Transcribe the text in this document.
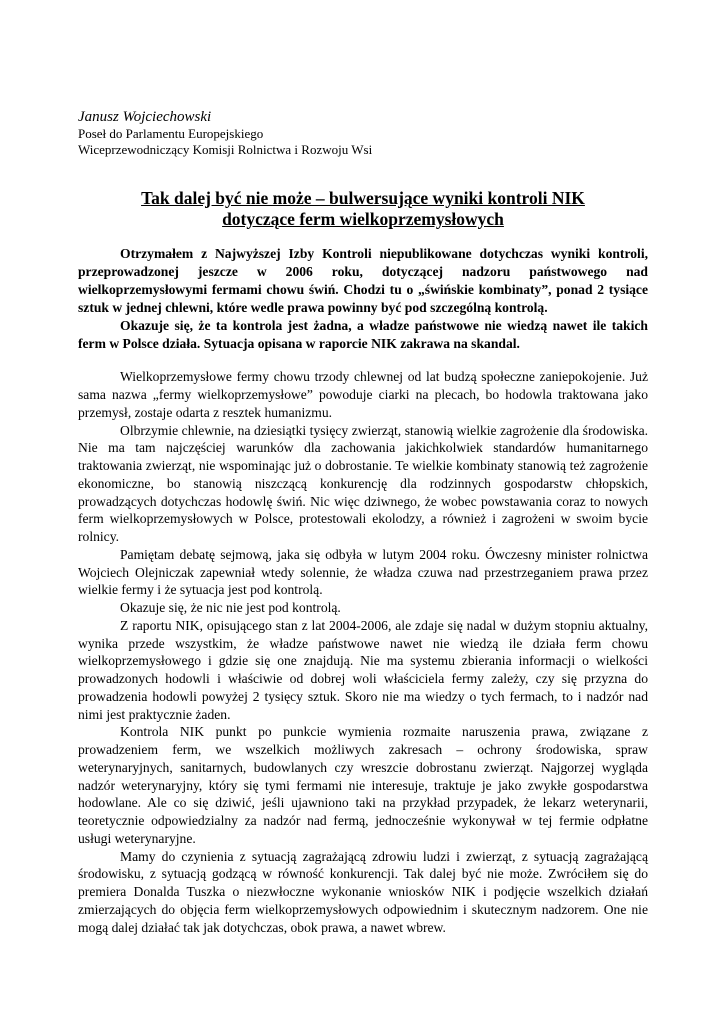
Janusz Wojciechowski
Poseł do Parlamentu Europejskiego
Wiceprzewodniczący Komisji Rolnictwa i Rozwoju Wsi
Tak dalej być nie może – bulwersujące wyniki kontroli NIK
dotyczące ferm wielkoprzemysłowych

Otrzymałem z Najwyższej Izby Kontroli niepublikowane dotychczas wyniki kontroli, przeprowadzonej jeszcze w 2006 roku, dotyczącej nadzoru państwowego nad wielkoprzemysłowymi fermami chowu świń. Chodzi tu o „świńskie kombinaty”, ponad 2 tysiące sztuk w jednej chlewni, które wedle prawa powinny być pod szczególną kontrolą.

Okazuje się, że ta kontrola jest żadna, a władze państwowe nie wiedzą nawet ile takich ferm w Polsce działa. Sytuacja opisana w raporcie NIK zakrawa na skandal.

Wielkoprzemysłowe fermy chowu trzody chlewnej od lat budzą społeczne zaniepokojenie. Już sama nazwa „fermy wielkoprzemysłowe” powoduje ciarki na plecach, bo hodowla traktowana jako przemysł, zostaje odarta z resztek humanizmu.

Olbrzymie chlewnie, na dziesiątki tysięcy zwierząt, stanowią wielkie zagrożenie dla środowiska. Nie ma tam najczęściej warunków dla zachowania jakichkolwiek standardów humanitarnego traktowania zwierząt, nie wspominając już o dobrostanie. Te wielkie kombinaty stanowią też zagrożenie ekonomiczne, bo stanowią niszczącą konkurencję dla rodzinnych gospodarstw chłopskich, prowadzących dotychczas hodowlę świń. Nic więc dziwnego, że wobec powstawania coraz to nowych ferm wielkoprzemysłowych w Polsce, protestowali ekolodzy, a również i zagrożeni w swoim bycie rolnicy.

Pamiętam debatę sejmową, jaka się odbyła w lutym 2004 roku. Ówczesny minister rolnictwa Wojciech Olejniczak zapewniał wtedy solennie, że władza czuwa nad przestrzeganiem prawa przez wielkie fermy i że sytuacja jest pod kontrolą.

Okazuje się, że nic nie jest pod kontrolą.

Z raportu NIK, opisującego stan z lat 2004-2006, ale zdaje się nadal w dużym stopniu aktualny, wynika przede wszystkim, że władze państwowe nawet nie wiedzą ile działa ferm chowu wielkoprzemysłowego i gdzie się one znajdują. Nie ma systemu zbierania informacji o wielkości prowadzonych hodowli i właściwie od dobrej woli właściciela fermy zależy, czy się przyzna do prowadzenia hodowli powyżej 2 tysięcy sztuk. Skoro nie ma wiedzy o tych fermach, to i nadzór nad nimi jest praktycznie żaden.

Kontrola NIK punkt po punkcie wymienia rozmaite naruszenia prawa, związane z prowadzeniem ferm, we wszelkich możliwych zakresach – ochrony środowiska, spraw weterynaryjnych, sanitarnych, budowlanych czy wreszcie dobrostanu zwierząt. Najgorzej wygląda nadzór weterynaryjny, który się tymi fermami nie interesuje, traktuje je jako zwykłe gospodarstwa hodowlane. Ale co się dziwić, jeśli ujawniono taki na przykład przypadek, że lekarz weterynarii, teoretycznie odpowiedzialny za nadzór nad fermą, jednocześnie wykonywał w tej fermie odpłatne usługi weterynaryjne.

Mamy do czynienia z sytuacją zagrażającą zdrowiu ludzi i zwierząt, z sytuacją zagrażającą środowisku, z sytuacją godzącą w równość konkurencji. Tak dalej być nie może. Zwróciłem się do premiera Donalda Tuszka o niezwłoczne wykonanie wniosków NIK i podjęcie wszelkich działań zmierzających do objęcia ferm wielkoprzemysłowych odpowiednim i skutecznym nadzorem. One nie mogą dalej działać tak jak dotychczas, obok prawa, a nawet wbrew.
